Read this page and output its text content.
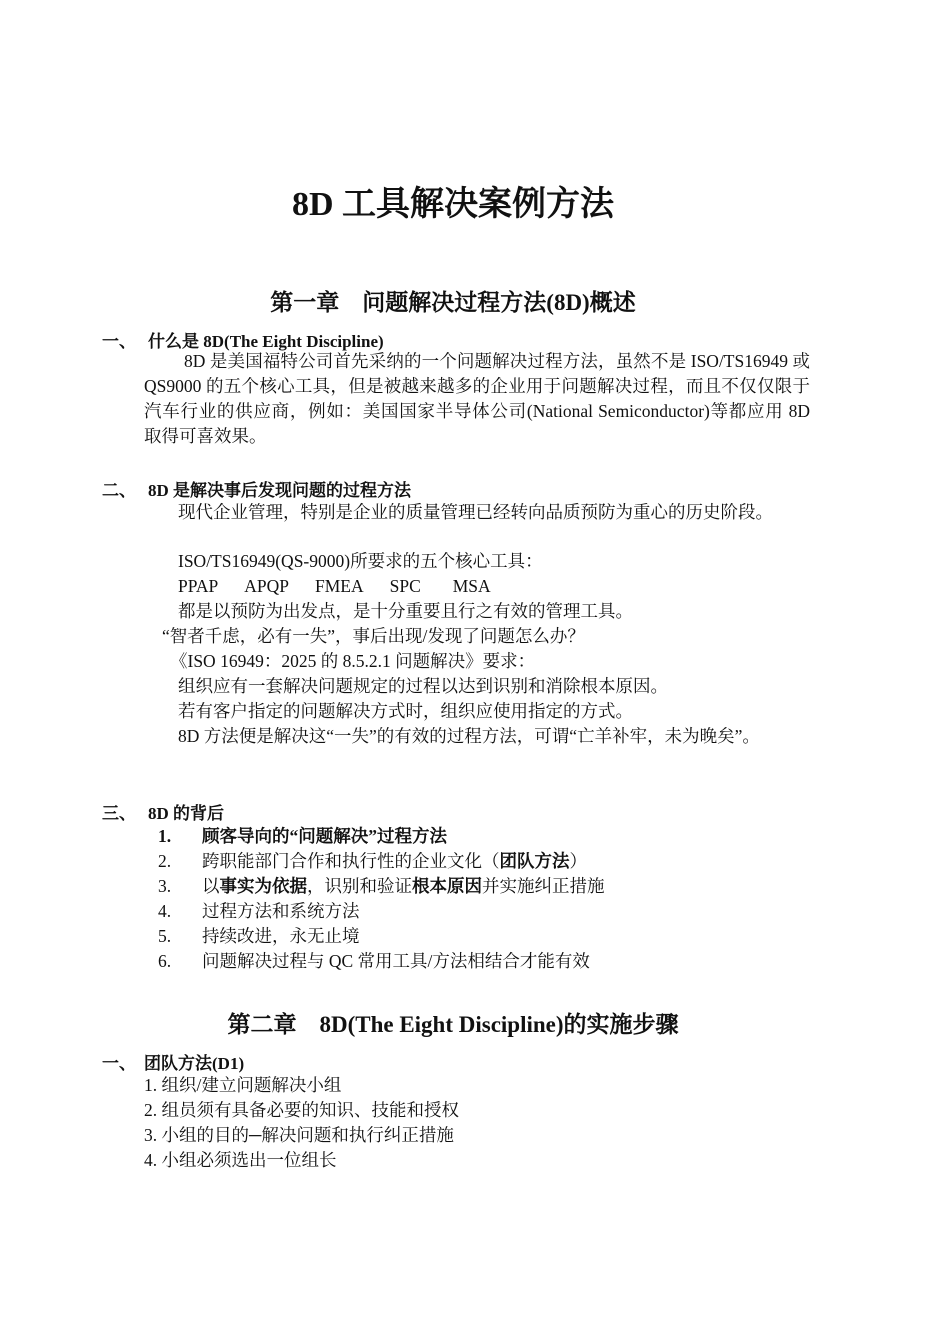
8D 工具解决案例方法
第一章　问题解决过程方法(8D)概述
一、 什么是 8D(The Eight Discipline)
8D 是美国福特公司首先采纳的一个问题解决过程方法，虽然不是 ISO/TS16949 或 QS9000 的五个核心工具，但是被越来越多的企业用于问题解决过程，而且不仅仅限于汽车行业的供应商，例如：美国国家半导体公司(National Semiconductor)等都应用 8D 取得可喜效果。
二、 8D 是解决事后发现问题的过程方法
现代企业管理，特别是企业的质量管理已经转向品质预防为重心的历史阶段。
ISO/TS16949(QS-9000)所要求的五个核心工具：
PPAP APQP FMEA SPC MSA
都是以预防为出发点，是十分重要且行之有效的管理工具。
“智者千虑，必有一失”，事后出现/发现了问题怎么办？
《ISO 16949：2025 的 8.5.2.1 问题解决》要求：
组织应有一套解决问题规定的过程以达到识别和消除根本原因。
若有客户指定的问题解决方式时，组织应使用指定的方式。
8D 方法便是解决这“一失”的有效的过程方法，可谓“亡羊补牢，未为晚矣”。
三、 8D 的背后
1. 顾客导向的“问题解决”过程方法
2. 跨职能部门合作和执行性的企业文化（团队方法）
3. 以事实为依据，识别和验证根本原因并实施纠正措施
4. 过程方法和系统方法
5. 持续改进，永无止境
6. 问题解决过程与 QC 常用工具/方法相结合才能有效
第二章　8D(The Eight Discipline)的实施步骤
一、 团队方法(D1)
1. 组织/建立问题解决小组
2. 组员须有具备必要的知识、技能和授权
3. 小组的目的─解决问题和执行纠正措施
4. 小组必须选出一位组长
